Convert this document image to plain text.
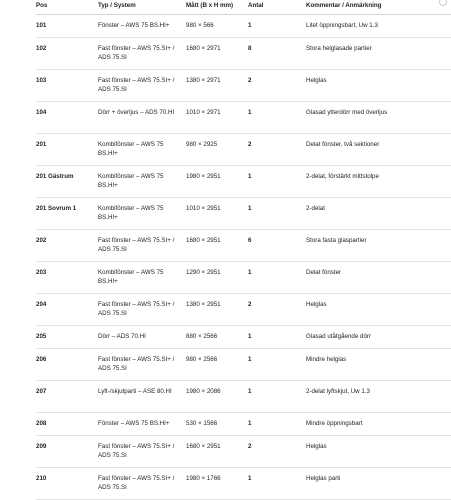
Pos	Typ / System	Mått (B x H mm)	Antal	Kommentar / Anmärkning

101	Fönster – AWS 75 BS.HI+	980 × 566	1	Litet öppningsbart, Uw 1.3
102	Fast fönster – AWS 75.SI+ / ADS 75.SI	1680 × 2971	8	Stora helglasade partier
103	Fast fönster – AWS 75.SI+ / ADS 75.SI	1380 × 2971	2	Helglas
104	Dörr + överljus – ADS 70.HI	1010 × 2971	1	Glasad ytterdörr med överljus
201	Kombifönster – AWS 75 BS.HI+	980 × 2925	2	Delat fönster, två sektioner
201 Gästrum	Kombifönster – AWS 75 BS.HI+	1980 × 2951	1	2-delat, förstärkt mittstolpe
201 Sovrum 1	Kombifönster – AWS 75 BS.HI+	1010 × 2951	1	2-delat
202	Fast fönster – AWS 75.SI+ / ADS 75.SI	1680 × 2951	6	Stora fasta glaspartier
203	Kombifönster – AWS 75 BS.HI+	1290 × 2951	1	Delat fönster
204	Fast fönster – AWS 75.SI+ / ADS 75.SI	1380 × 2951	2	Helglas
205	Dörr – ADS 70.HI	880 × 2566	1	Glasad utåtgående dörr
206	Fast fönster – AWS 75.SI+ / ADS 75.SI	980 × 2566	1	Mindre helglas
207	Lyft-/skjutparti – ASE 80.HI	1980 × 2086	1	2-delat lyftskjut, Uw 1.3
208	Fönster – AWS 75 BS.HI+	530 × 1566	1	Mindre öppningsbart
209	Fast fönster – AWS 75.SI+ / ADS 75.SI	1680 × 2951	2	Helglas
210	Fast fönster – AWS 75.SI+ / ADS 75.SI	1980 × 1766	1	Helglas parti
